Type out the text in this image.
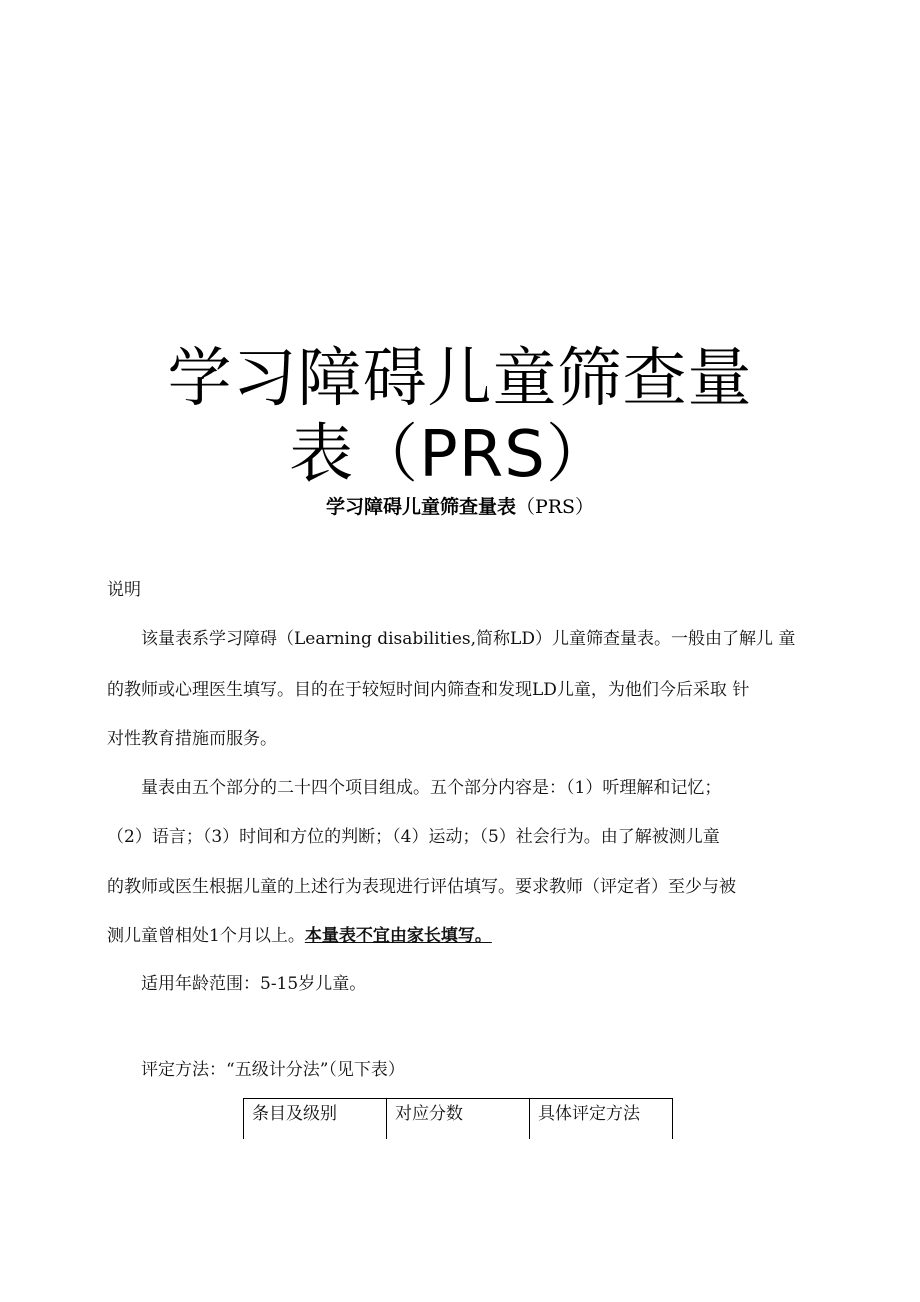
学习障碍儿童筛查量
表（PRS）
学习障碍儿童筛查量表（PRS）
说明
该量表系学习障碍（Learning disabilities,简称LD）儿童筛查量表。一般由了解儿 童
的教师或心理医生填写。目的在于较短时间内筛查和发现LD儿童，为他们今后采取 针
对性教育措施而服务。
量表由五个部分的二十四个项目组成。五个部分内容是：（1）听理解和记忆；
（2）语言；（3）时间和方位的判断；（4）运动；（5）社会行为。由了解被测儿童
的教师或医生根据儿童的上述行为表现进行评估填写。要求教师（评定者）至少与被
测儿童曾相处1个月以上。本量表不宜由家长填写。
适用年龄范围：5-15岁儿童。
评定方法：“五级计分法”（见下表）
条目及级别	对应分数	具体评定方法
